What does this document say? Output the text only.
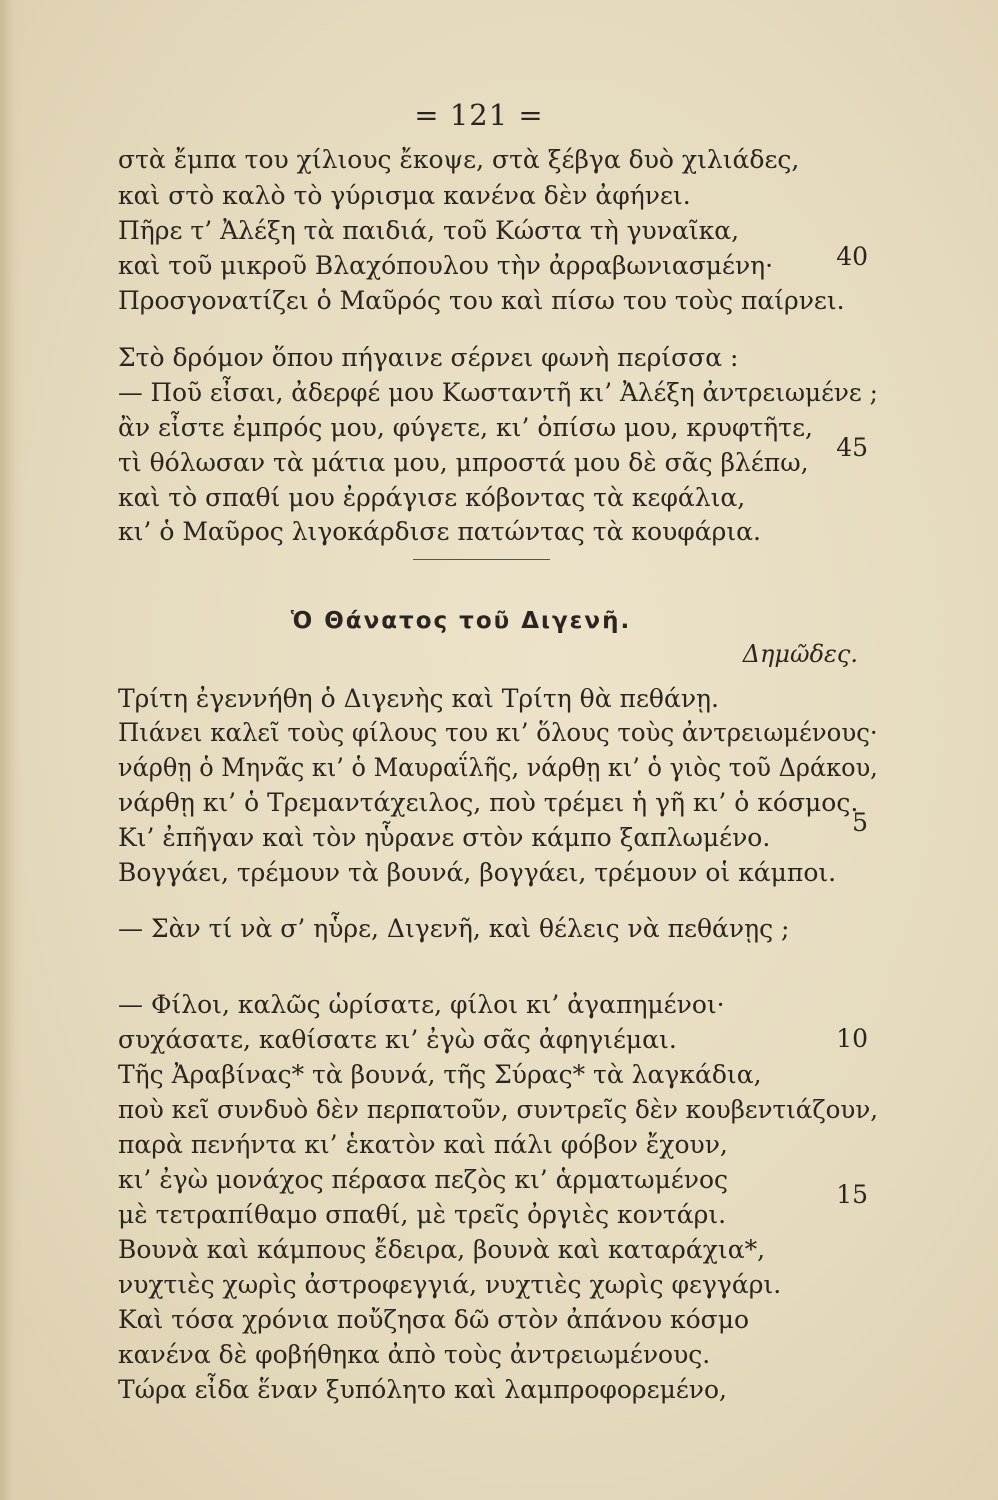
= 121 =
στὰ ἔμπα του χίλιους ἔκοψε, στὰ ξέβγα δυὸ χιλιάδες,
καὶ στὸ καλὸ τὸ γύρισμα κανένα δὲν ἀφήνει.
Πῆρε τ’ Ἀλέξη τὰ παιδιά, τοῦ Κώστα τὴ γυναῖκα,
καὶ τοῦ μικροῦ Βλαχόπουλου τὴν ἀρραβωνιασμένη·	40
Προσγονατίζει ὁ Μαῦρός του καὶ πίσω του τοὺς παίρνει.
Στὸ δρόμον ὅπου πήγαινε σέρνει φωνὴ περίσσα :
— Ποῦ εἶσαι, ἀδερφέ μου Κωσταντῆ κι’ Ἀλέξη ἀντρειωμένε ;
ἂν εἶστε ἐμπρός μου, φύγετε, κι’ ὀπίσω μου, κρυφτῆτε,
τὶ θόλωσαν τὰ μάτια μου, μπροστά μου δὲ σᾶς βλέπω,
45
καὶ τὸ σπαθί μου ἐρράγισε κόβοντας τὰ κεφάλια,
κι’ ὁ Μαῦρος λιγοκάρδισε πατώντας τὰ κουφάρια.
Ὁ Θάνατος τοῦ Διγενῆ.
Δημῶδες.
Τρίτη ἐγεννήθη ὁ Διγενὴς καὶ Τρίτη θὰ πεθάνῃ.
Πιάνει καλεῖ τοὺς φίλους του κι’ ὅλους τοὺς ἀντρειωμένους·
νάρθῃ ὁ Μηνᾶς κι’ ὁ Μαυραΐλῆς, νάρθῃ κι’ ὁ γιὸς τοῦ Δράκου,
νάρθῃ κι’ ὁ Τρεμαντάχειλος, ποὺ τρέμει ἡ γῆ κι’ ὁ κόσμος.
Κι’ ἐπῆγαν καὶ τὸν ηὗρανε στὸν κάμπο ξαπλωμένο.
5
Βογγάει, τρέμουν τὰ βουνά, βογγάει, τρέμουν οἱ κάμποι.
— Σὰν τί νὰ σ’ ηὗρε, Διγενῆ, καὶ θέλεις νὰ πεθάνῃς ;
— Φίλοι, καλῶς ὡρίσατε, φίλοι κι’ ἀγαπημένοι·
συχάσατε, καθίσατε κι’ ἐγὼ σᾶς ἀφηγιέμαι.
Τῆς Ἀραβίνας* τὰ βουνά, τῆς Σύρας* τὰ λαγκάδια,
10
ποὺ κεῖ συνδυὸ δὲν περπατοῦν, συντρεῖς δὲν κουβεντιάζουν,
παρὰ πενήντα κι’ ἑκατὸν καὶ πάλι φόβον ἔχουν,
κι’ ἐγὼ μονάχος πέρασα πεζὸς κι’ ἁρματωμένος
μὲ τετραπίθαμο σπαθί, μὲ τρεῖς ὀργιὲς κοντάρι.
Βουνὰ καὶ κάμπους ἔδειρα, βουνὰ καὶ καταράχια*,
15
νυχτιὲς χωρὶς ἀστροφεγγιά, νυχτιὲς χωρὶς φεγγάρι.
Καὶ τόσα χρόνια ποὔζησα δῶ στὸν ἀπάνου κόσμο
κανένα δὲ φοβήθηκα ἀπὸ τοὺς ἀντρειωμένους.
Τώρα εἶδα ἕναν ξυπόλητο καὶ λαμπροφορεμένο,
